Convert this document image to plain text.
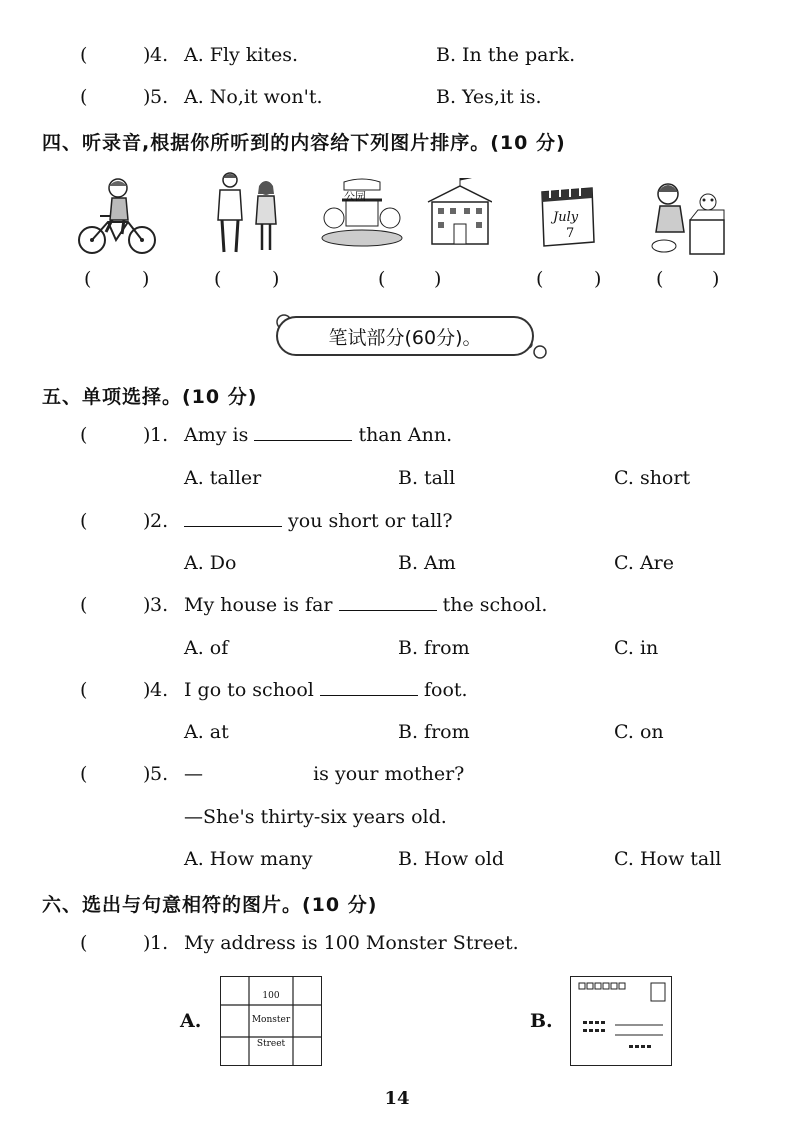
(	) 4. A. Fly kites.	B. In the park.
(	) 5. A. No,it won't.	B. Yes,it is.
四、听录音,根据你所听到的内容给下列图片排序。(10 分)
公园
July
7
(	)	(	)	(	)	(	)	(	)
笔试部分(60分)。
五、单项选择。(10 分)
(	) 1. Amy is	than Ann.
A. taller	B. tall	C. short
(	) 2.	you short or tall?
A. Do	B. Am	C. Are
(	) 3. My house is far	the school.
A. of	B. from	C. in
(	) 4. I go to school	foot.
A. at	B. from	C. on
(	) 5. —	is your mother?
—She's thirty-six years old.
A. How many	B. How old	C. How tall
六、选出与句意相符的图片。(10 分)
(	) 1. My address is 100 Monster Street.
A.
100
Monster
Street
B.
14
